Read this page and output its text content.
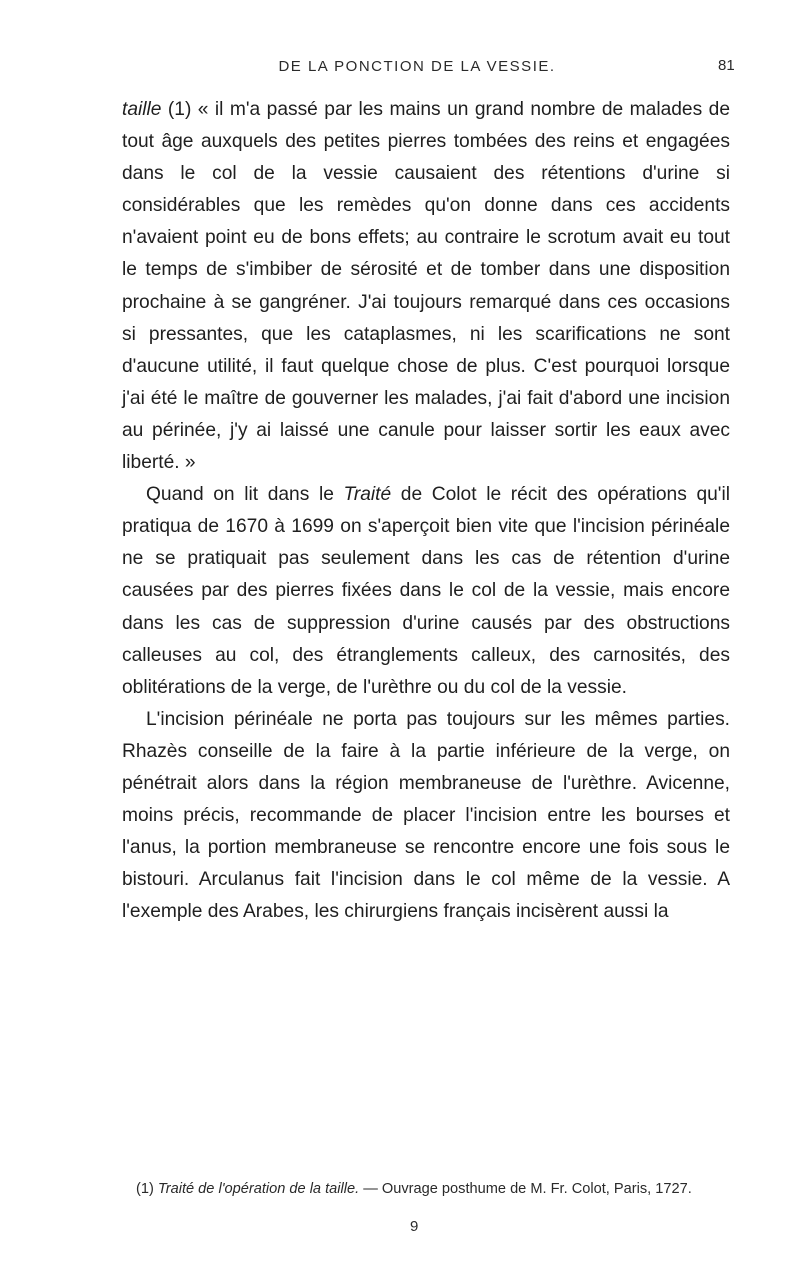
DE LA PONCTION DE LA VESSIE.	81

taille (1) « il m'a passé par les mains un grand nombre de malades de tout âge auxquels des petites pierres tombées des reins et engagées dans le col de la vessie causaient des rétentions d'urine si considérables que les remèdes qu'on donne dans ces accidents n'avaient point eu de bons effets; au contraire le scrotum avait eu tout le temps de s'imbiber de sérosité et de tomber dans une disposition prochaine à se gangréner. J'ai toujours remarqué dans ces occasions si pressantes, que les cataplasmes, ni les scarifications ne sont d'aucune utilité, il faut quelque chose de plus. C'est pourquoi lorsque j'ai été le maître de gouverner les malades, j'ai fait d'abord une incision au périnée, j'y ai laissé une canule pour laisser sortir les eaux avec liberté. »

Quand on lit dans le Traité de Colot le récit des opérations qu'il pratiqua de 1670 à 1699 on s'aperçoit bien vite que l'incision périnéale ne se pratiquait pas seulement dans les cas de rétention d'urine causées par des pierres fixées dans le col de la vessie, mais encore dans les cas de suppression d'urine causés par des obstructions calleuses au col, des étranglements calleux, des carnosités, des oblitérations de la verge, de l'urèthre ou du col de la vessie.

L'incision périnéale ne porta pas toujours sur les mêmes parties. Rhazès conseille de la faire à la partie inférieure de la verge, on pénétrait alors dans la région membraneuse de l'urèthre. Avicenne, moins précis, recommande de placer l'incision entre les bourses et l'anus, la portion membraneuse se rencontre encore une fois sous le bistouri. Arculanus fait l'incision dans le col même de la vessie. A l'exemple des Arabes, les chirurgiens français incisèrent aussi la

(1) Traité de l'opération de la taille. — Ouvrage posthume de M. Fr. Colot, Paris, 1727.
9
